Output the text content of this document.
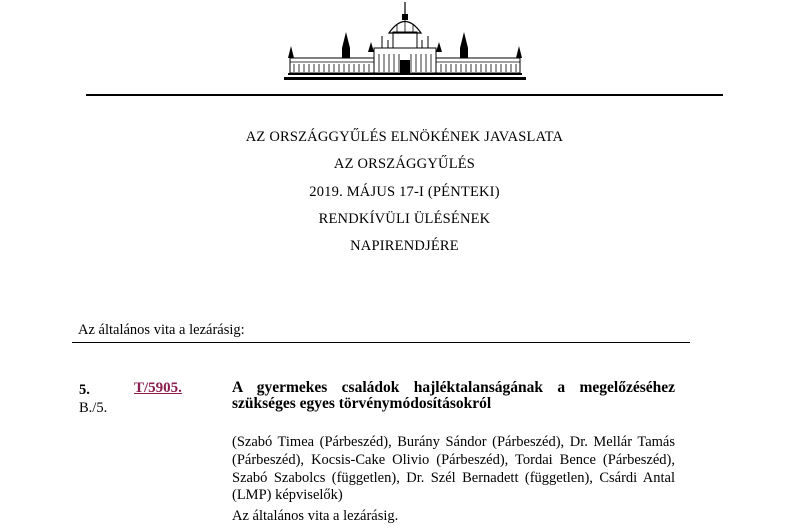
AZ ORSZÁGGYŰLÉS ELNÖKÉNEK JAVASLATA
AZ ORSZÁGGYŰLÉS
2019. MÁJUS 17-I (PÉNTEKI)
RENDKÍVÜLI ÜLÉSÉNEK
NAPIRENDJÉRE
Az általános vita a lezárásig:
5.
B./5.
T/5905.	A gyermekes családok hajléktalanságának a megelőzéséhez szükséges egyes törvénymódosításokról
(Szabó Timea (Párbeszéd), Burány Sándor (Párbeszéd), Dr. Mellár Tamás (Párbeszéd), Kocsis-Cake Olivio (Párbeszéd), Tordai Bence (Párbeszéd), Szabó Szabolcs (független), Dr. Szél Bernadett (független), Csárdi Antal (LMP) képviselők)
Az általános vita a lezárásig.
